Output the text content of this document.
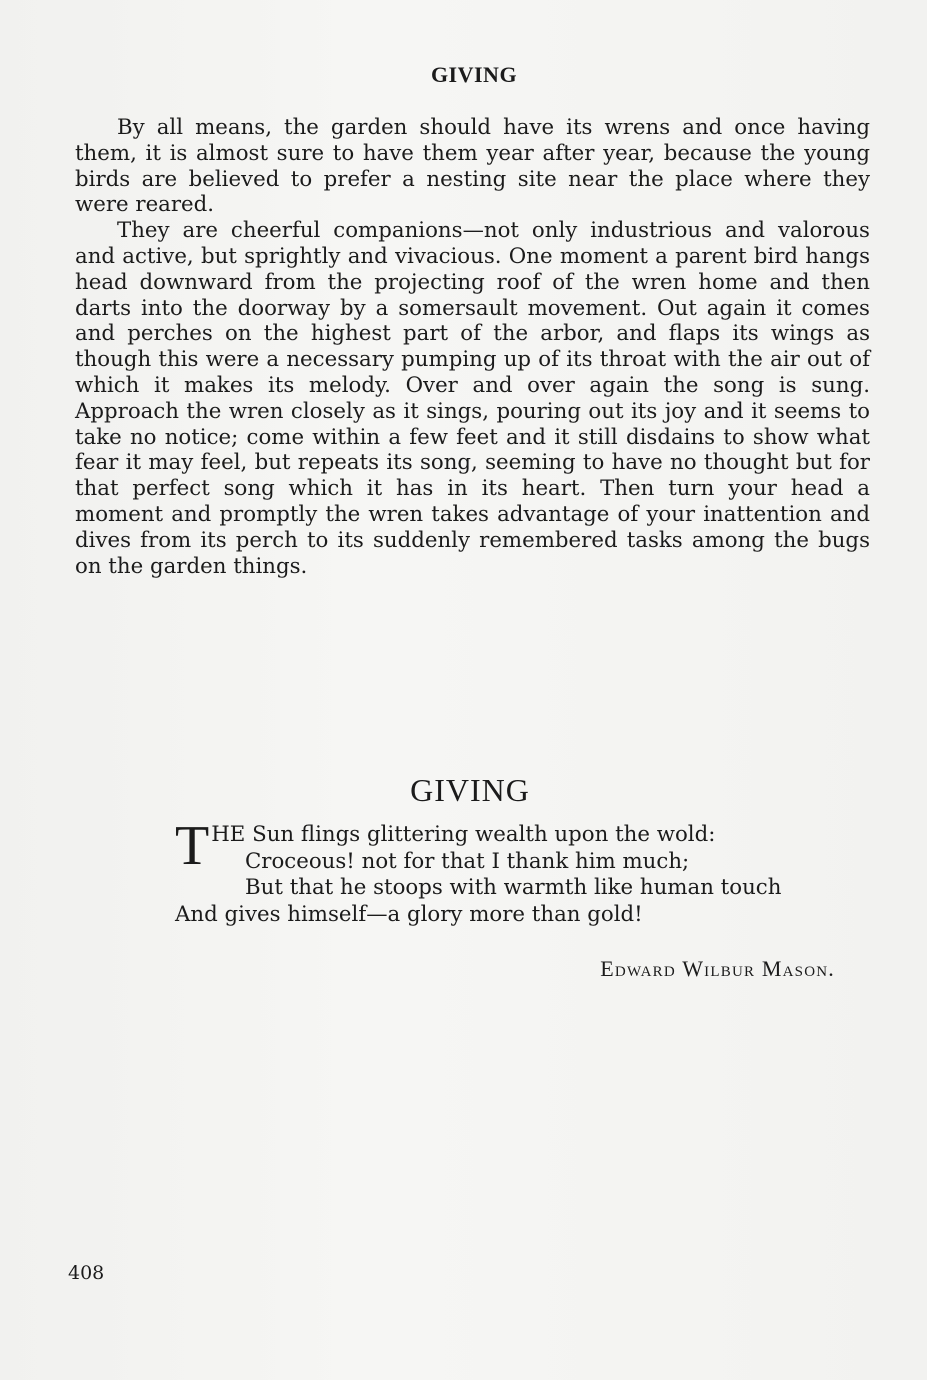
GIVING

By all means, the garden should have its wrens and once having them, it is almost sure to have them year after year, because the young birds are believed to prefer a nesting site near the place where they were reared.

They are cheerful companions—not only industrious and valorous and active, but sprightly and vivacious. One moment a parent bird hangs head downward from the projecting roof of the wren home and then darts into the doorway by a somersault movement. Out again it comes and perches on the highest part of the arbor, and flaps its wings as though this were a necessary pumping up of its throat with the air out of which it makes its melody. Over and over again the song is sung. Approach the wren closely as it sings, pouring out its joy and it seems to take no notice; come within a few feet and it still disdains to show what fear it may feel, but repeats its song, seeming to have no thought but for that perfect song which it has in its heart. Then turn your head a moment and promptly the wren takes advantage of your inattention and dives from its perch to its suddenly remembered tasks among the bugs on the garden things.

GIVING
T HE Sun flings glittering wealth upon the wold:
Croceous! not for that I thank him much;
But that he stoops with warmth like human touch
And gives himself—a glory more than gold!
Edward Wilbur Mason.
408
